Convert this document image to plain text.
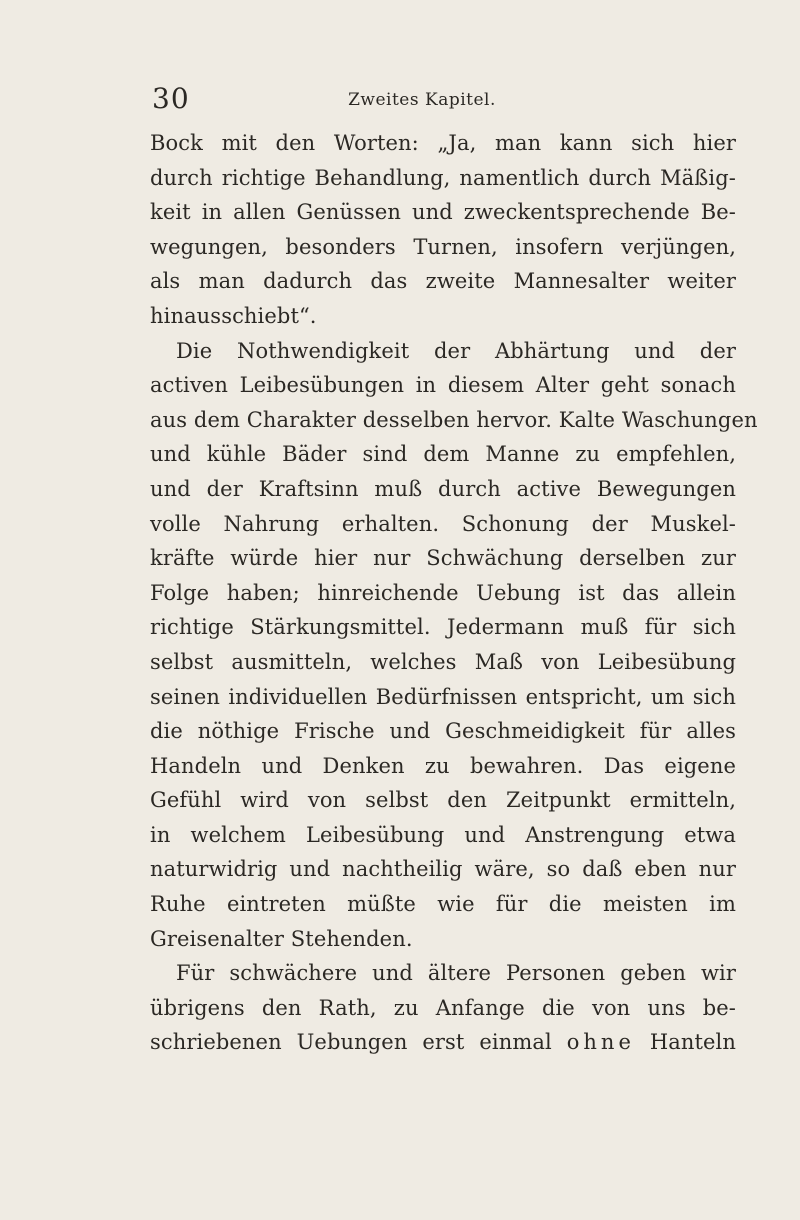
30	Zweites Kapitel.
Bock mit den Worten: „Ja, man kann sich hier
durch richtige Behandlung, namentlich durch Mäßig-
keit in allen Genüssen und zweckentsprechende Be-
wegungen, besonders Turnen, insofern verjüngen,
als man dadurch das zweite Mannesalter weiter
hinausschiebt“.
Die Nothwendigkeit der Abhärtung und der
activen Leibesübungen in diesem Alter geht sonach
aus dem Charakter desselben hervor. Kalte Waschungen
und kühle Bäder sind dem Manne zu empfehlen,
und der Kraftsinn muß durch active Bewegungen
volle Nahrung erhalten. Schonung der Muskel-
kräfte würde hier nur Schwächung derselben zur
Folge haben; hinreichende Uebung ist das allein
richtige Stärkungsmittel. Jedermann muß für sich
selbst ausmitteln, welches Maß von Leibesübung
seinen individuellen Bedürfnissen entspricht, um sich
die nöthige Frische und Geschmeidigkeit für alles
Handeln und Denken zu bewahren. Das eigene
Gefühl wird von selbst den Zeitpunkt ermitteln,
in welchem Leibesübung und Anstrengung etwa
naturwidrig und nachtheilig wäre, so daß eben nur
Ruhe eintreten müßte wie für die meisten im
Greisenalter Stehenden.
Für schwächere und ältere Personen geben wir
übrigens den Rath, zu Anfange die von uns be-
schriebenen Uebungen erst einmal ohne Hanteln
